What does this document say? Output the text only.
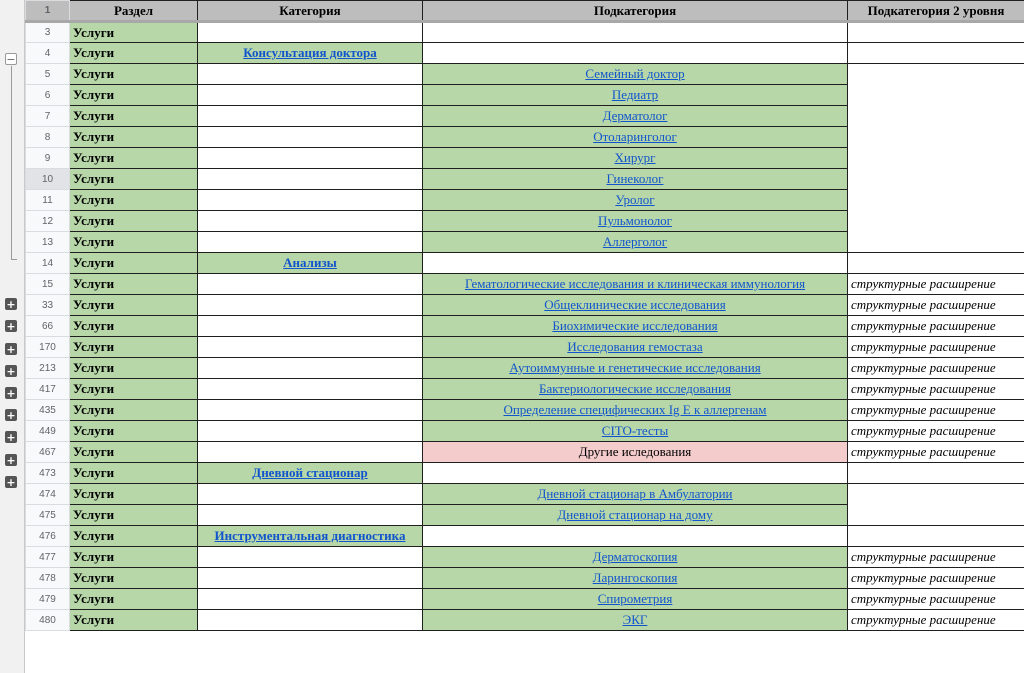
−
+
+
+
+
+
+
+
+
+
1	Раздел	Категория	Подкатегория	Подкатегория 2 уровня
3	Услуги			
4	Услуги	Консультация доктора		
5	Услуги		Семейный доктор	
6	Услуги		Педиатр	
7	Услуги		Дерматолог	
8	Услуги		Отоларинголог	
9	Услуги		Хирург	
10	Услуги		Гинеколог	
11	Услуги		Уролог	
12	Услуги		Пульмонолог	
13	Услуги		Аллерголог	
14	Услуги	Анализы		
15	Услуги		Гематологические исследования и клиническая иммунология	структурные расширение
33	Услуги		Общеклинические исследования	структурные расширение
66	Услуги		Биохимические исследования	структурные расширение
170	Услуги		Исследования гемостаза	структурные расширение
213	Услуги		Аутоиммунные и генетические исследования	структурные расширение
417	Услуги		Бактериологические исследования	структурные расширение
435	Услуги		Определение специфических Ig E к аллергенам	структурные расширение
449	Услуги		CITO-тесты	структурные расширение
467	Услуги		Другие иследования	структурные расширение
473	Услуги	Дневной стационар		
474	Услуги		Дневной стационар в Амбулатории	
475	Услуги		Дневной стационар на дому	
476	Услуги	Инструментальная диагностика		
477	Услуги		Дерматоскопия	структурные расширение
478	Услуги		Ларингоскопия	структурные расширение
479	Услуги		Спирометрия	структурные расширение
480	Услуги		ЭКГ	структурные расширение
